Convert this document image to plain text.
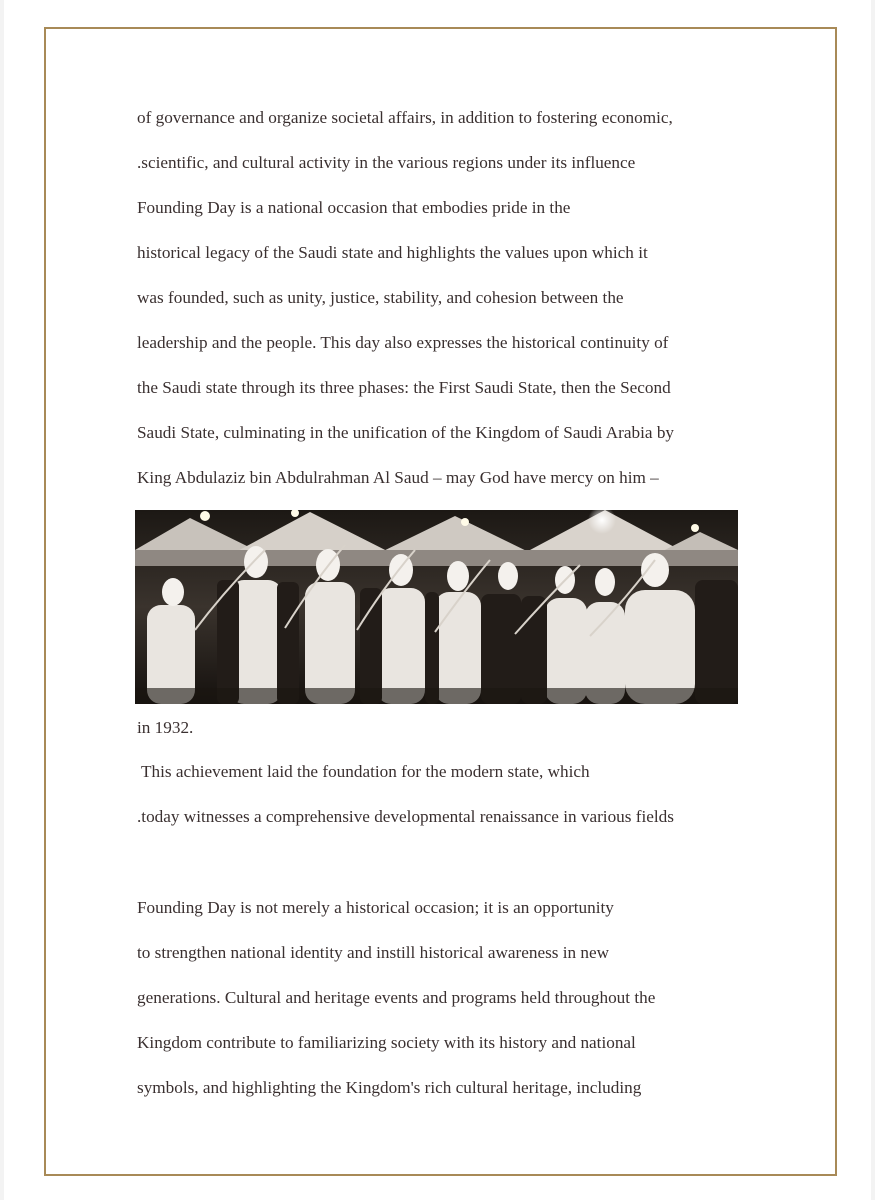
of governance and organize societal affairs, in addition to fostering economic,

.scientific, and cultural activity in the various regions under its influence

Founding Day is a national occasion that embodies pride in the

historical legacy of the Saudi state and highlights the values upon which it

was founded, such as unity, justice, stability, and cohesion between the

leadership and the people. This day also expresses the historical continuity of

the Saudi state through its three phases: the First Saudi State, then the Second

Saudi State, culminating in the unification of the Kingdom of Saudi Arabia by

King Abdulaziz bin Abdulrahman Al Saud – may God have mercy on him –

in 1932.

This achievement laid the foundation for the modern state, which

.today witnesses a comprehensive developmental renaissance in various fields

Founding Day is not merely a historical occasion; it is an opportunity

to strengthen national identity and instill historical awareness in new

generations. Cultural and heritage events and programs held throughout the

Kingdom contribute to familiarizing society with its history and national

symbols, and highlighting the Kingdom's rich cultural heritage, including
